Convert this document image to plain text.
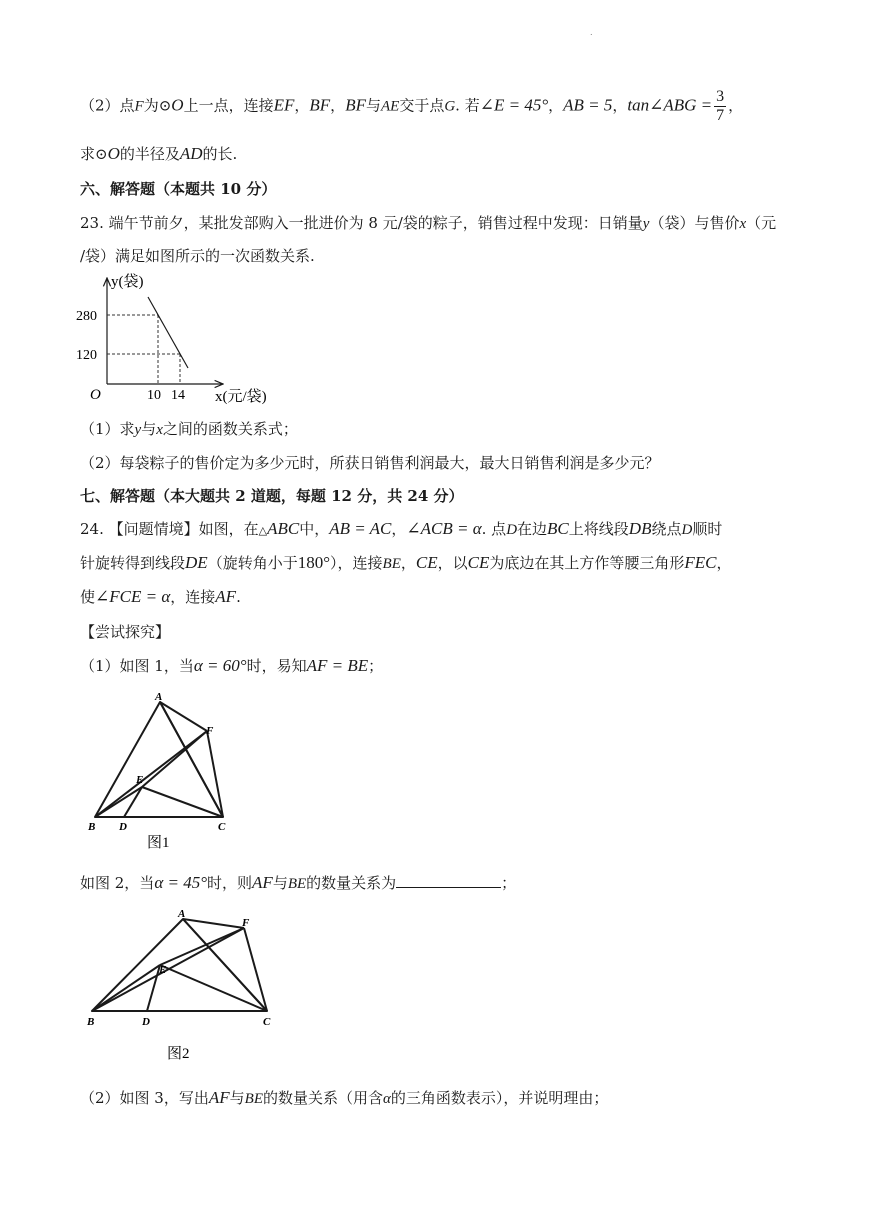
.
（2）点F为⊙O上一点，连接EF，BF，BF与AE交于点G. 若∠E = 45°，AB = 5，tan∠ABG = $\frac{3}{7}$ ，
求⊙O的半径及AD的长.
六、解答题（本题共 10 分）
23. 端午节前夕，某批发部购入一批进价为 8 元/袋的粽子，销售过程中发现：日销量y（袋）与售价x（元
/袋）满足如图所示的一次函数关系.
y(袋)
280
120
O	10 14 x(元/袋)
（1）求y与x之间的函数关系式；
（2）每袋粽子的售价定为多少元时，所获日销售利润最大，最大日销售利润是多少元？
七、解答题（本大题共 2 道题，每题 12 分，共 24 分）
24. 【问题情境】如图，在△ABC中，AB = AC，∠ACB = α. 点D在边BC上将线段DB绕点D顺时
针旋转得到线段DE（旋转角小于180°），连接BE，CE，以CE为底边在其上方作等腰三角形FEC，
使∠FCE = α，连接AF.
【尝试探究】
（1）如图 1，当α = 60°时，易知AF = BE；
A
F
E
B D	C
图1
如图 2，当α = 45°时，则AF与BE的数量关系为	；
A
F
E
B	D	C
图2
（2）如图 3，写出AF与BE的数量关系（用含α的三角函数表示），并说明理由；
